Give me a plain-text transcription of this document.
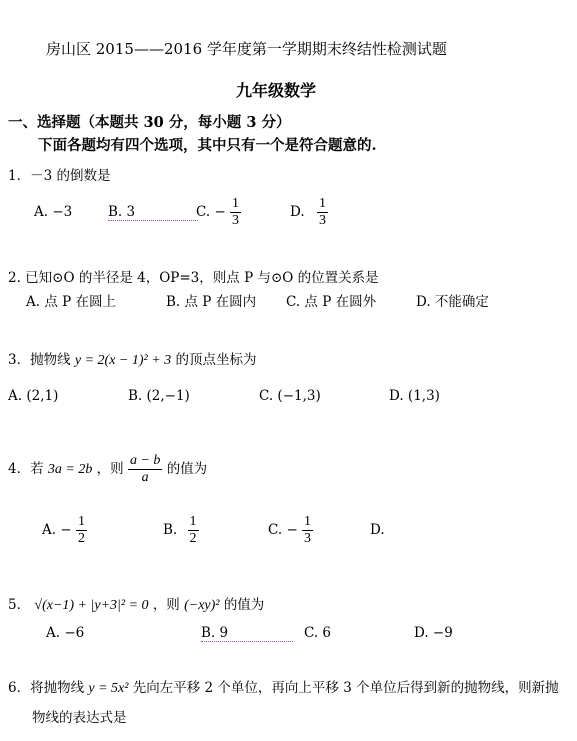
房山区 2015——2016 学年度第一学期期末终结性检测试题
九年级数学
一、选择题（本题共 30 分，每小题 3 分）
下面各题均有四个选项，其中只有一个是符合题意的.
1．－3 的倒数是
A. −3	B. 3	C. − $\frac{1}{3}$	D. $\frac{1}{3}$
2. 已知⊙O 的半径是 4，OP=3，则点 P 与⊙O 的位置关系是
A. 点 P 在圆上	B. 点 P 在圆内 C. 点 P 在圆外	D. 不能确定
3．抛物线 y = 2(x − 1)² + 3 的顶点坐标为
A. (2,1)	B. (2,−1)	C. (−1,3)	D. (1,3)
4．若 3a = 2b ，则 $\frac{a - b}{a}$ 的值为
A. − $\frac{1}{2}$	B. $\frac{1}{2}$	C. − $\frac{1}{3}$	D.
5． √(x−1) + |y+3|² = 0 ，则 (−xy)² 的值为
A. −6	B. 9	C. 6	D. −9
6．将抛物线 y = 5x² 先向左平移 2 个单位，再向上平移 3 个单位后得到新的抛物线，则新抛
物线的表达式是
